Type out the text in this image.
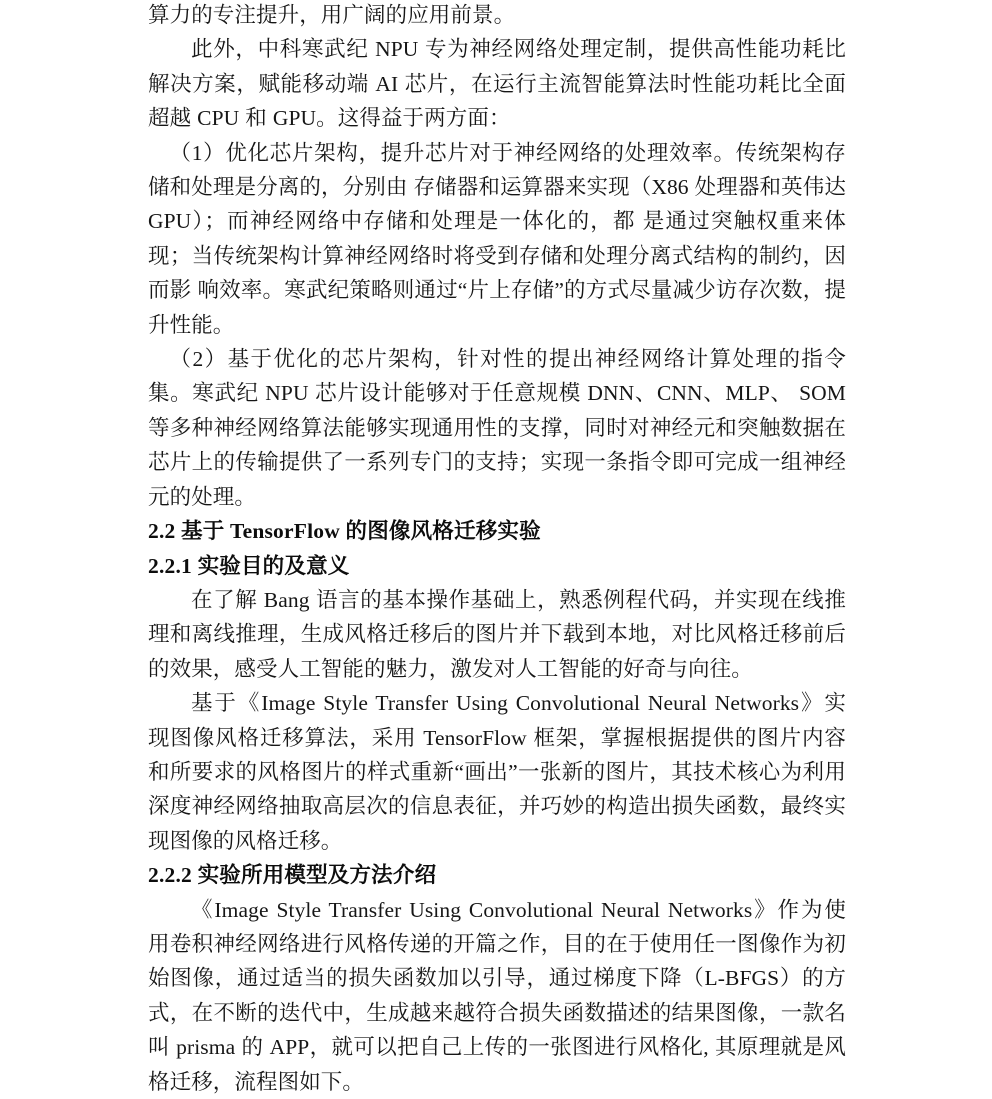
算力的专注提升，用广阔的应用前景。

此外，中科寒武纪 NPU 专为神经网络处理定制，提供高性能功耗比解决方案，赋能移动端 AI 芯片，在运行主流智能算法时性能功耗比全面超越 CPU 和 GPU。这得益于两方面：

（1）优化芯片架构，提升芯片对于神经网络的处理效率。传统架构存储和处理是分离的，分别由 存储器和运算器来实现（X86 处理器和英伟达 GPU）；而神经网络中存储和处理是一体化的，都 是通过突触权重来体现；当传统架构计算神经网络时将受到存储和处理分离式结构的制约，因而影 响效率。寒武纪策略则通过“片上存储”的方式尽量减少访存次数，提升性能。

（2）基于优化的芯片架构，针对性的提出神经网络计算处理的指令集。寒武纪 NPU 芯片设计能够对于任意规模 DNN、CNN、MLP、 SOM 等多种神经网络算法能够实现通用性的支撑，同时对神经元和突触数据在芯片上的传输提供了一系列专门的支持；实现一条指令即可完成一组神经元的处理。

2.2 基于 TensorFlow 的图像风格迁移实验
2.2.1 实验目的及意义

在了解 Bang 语言的基本操作基础上，熟悉例程代码，并实现在线推理和离线推理，生成风格迁移后的图片并下载到本地，对比风格迁移前后的效果，感受人工智能的魅力，激发对人工智能的好奇与向往。

基于《Image Style Transfer Using Convolutional Neural Networks》实现图像风格迁移算法，采用 TensorFlow 框架，掌握根据提供的图片内容和所要求的风格图片的样式重新“画出”一张新的图片，其技术核心为利用深度神经网络抽取高层次的信息表征，并巧妙的构造出损失函数，最终实现图像的风格迁移。

2.2.2 实验所用模型及方法介绍

《Image Style Transfer Using Convolutional Neural Networks》作为使用卷积神经网络进行风格传递的开篇之作，目的在于使用任一图像作为初始图像，通过适当的损失函数加以引导，通过梯度下降（L-BFGS）的方式，在不断的迭代中，生成越来越符合损失函数描述的结果图像，一款名叫 prisma 的 APP，就可以把自己上传的一张图进行风格化, 其原理就是风格迁移，流程图如下。
